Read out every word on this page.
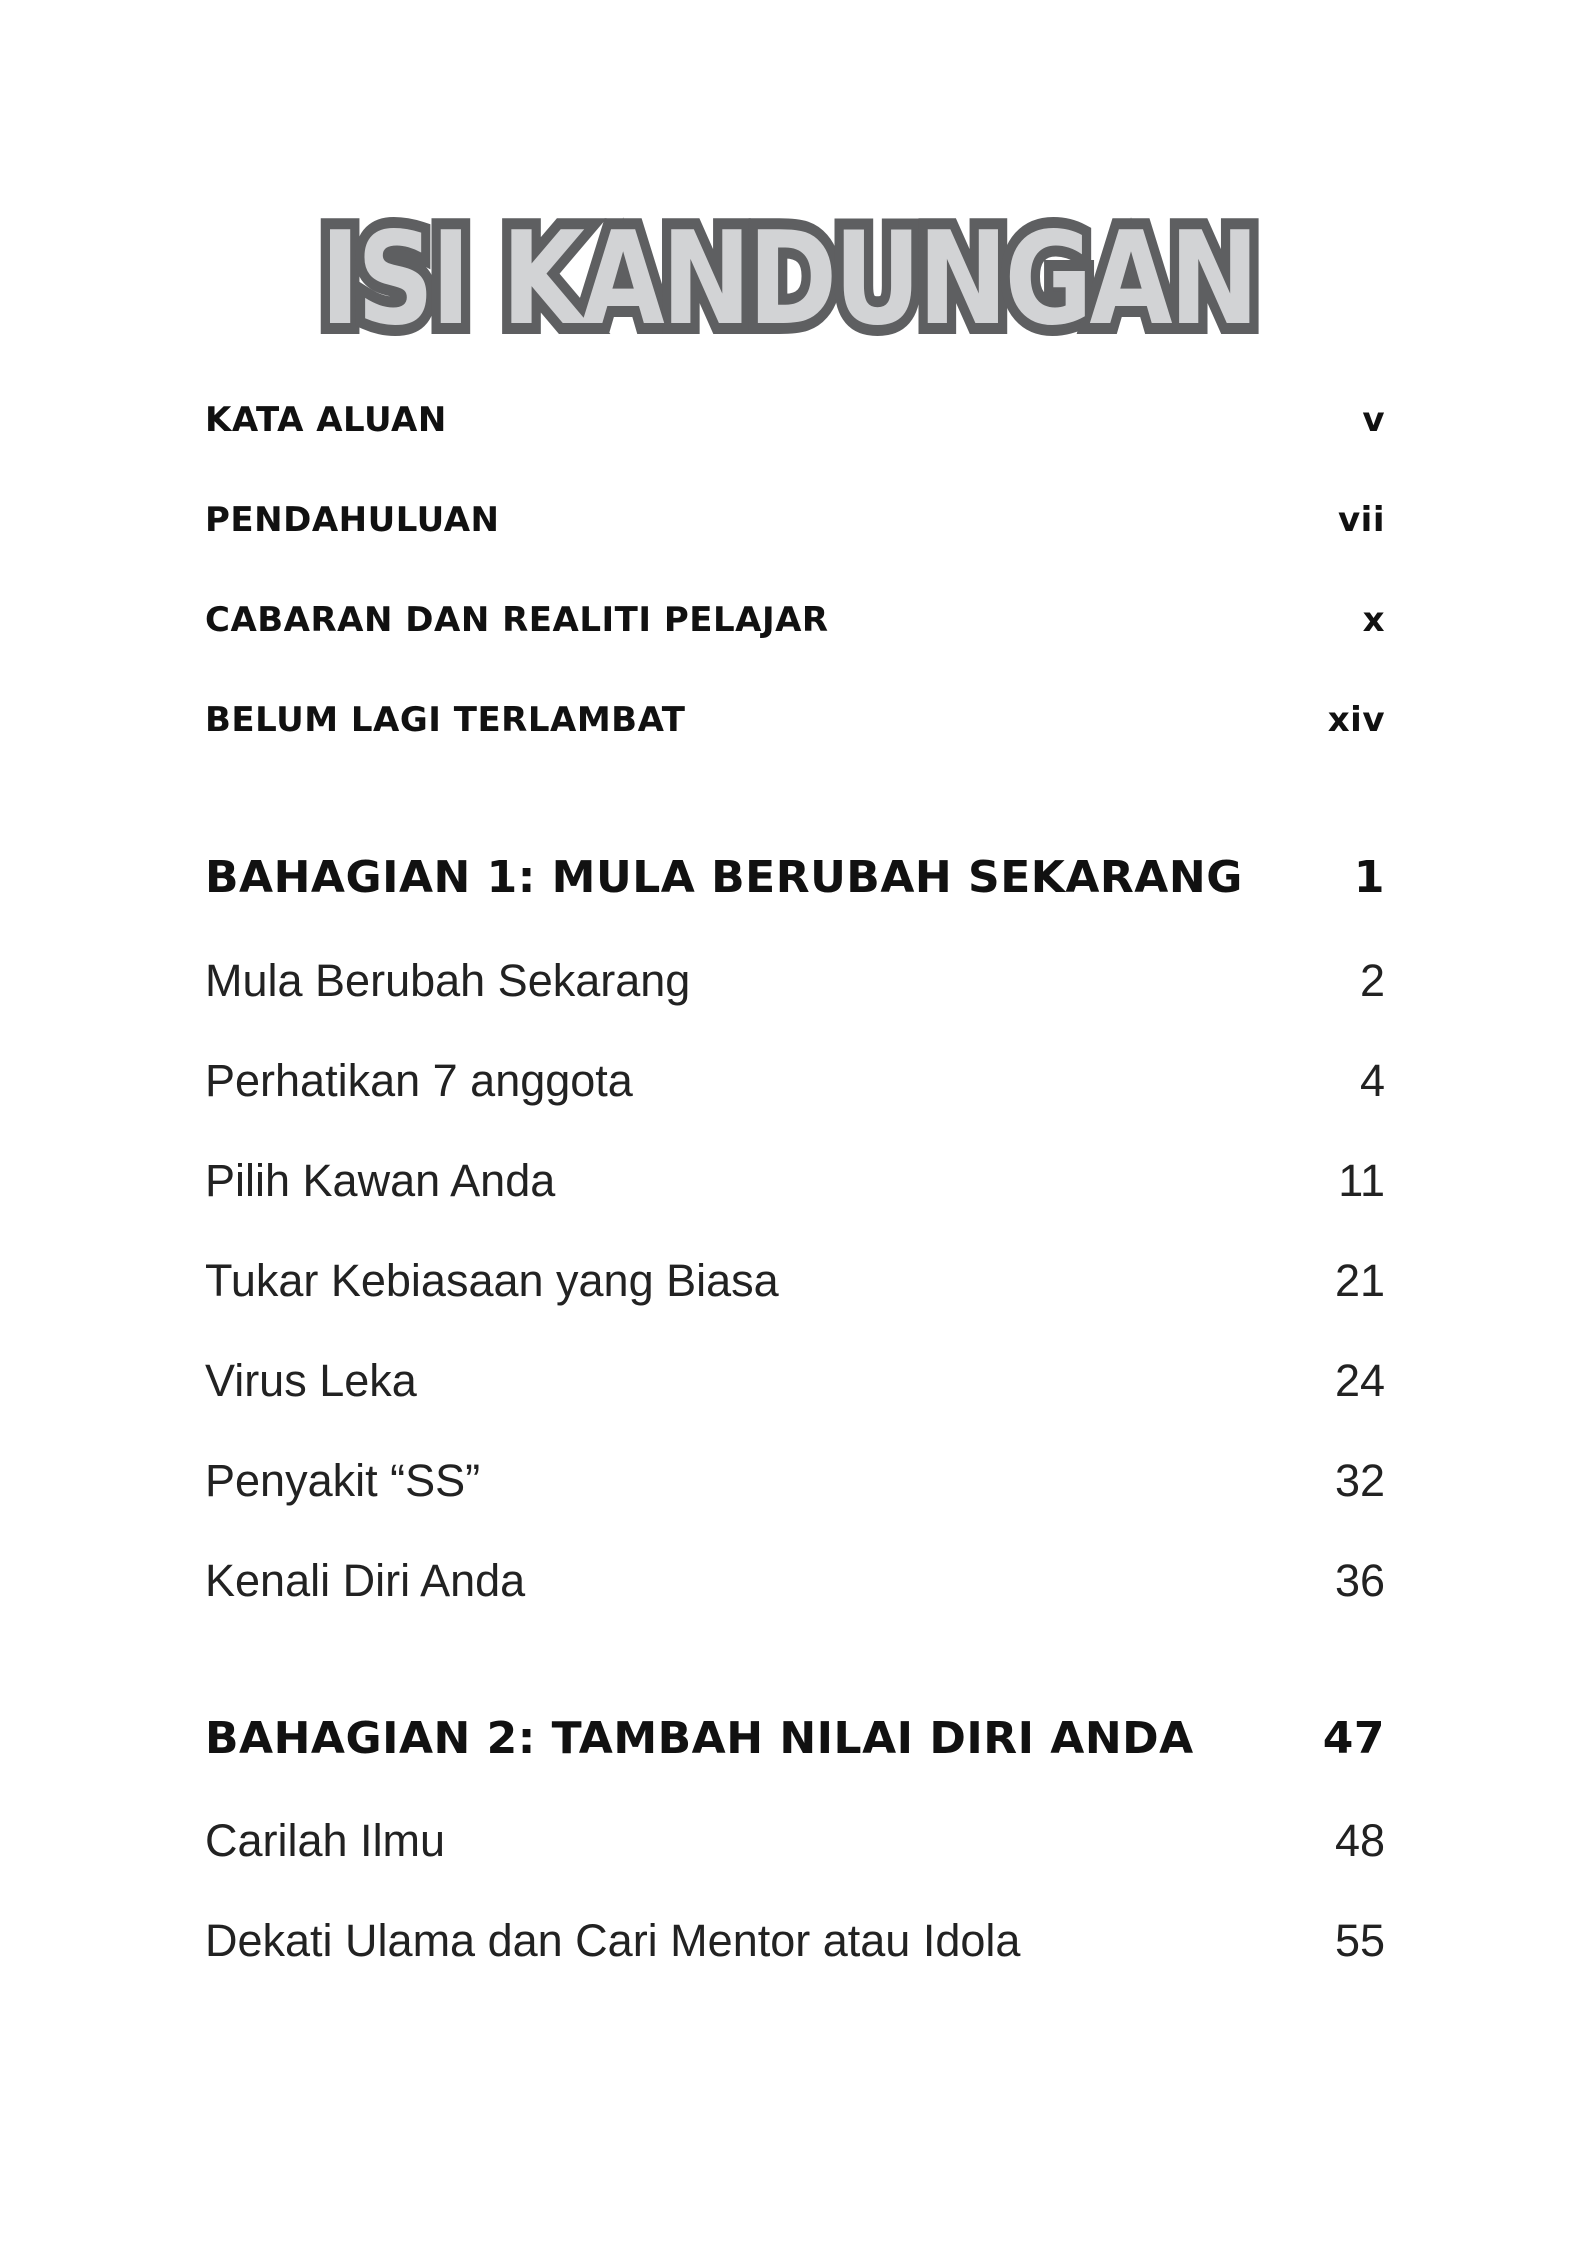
ISI KANDUNGAN
KATA ALUAN	v
PENDAHULUAN	vii
CABARAN DAN REALITI PELAJAR	x
BELUM LAGI TERLAMBAT	xiv
BAHAGIAN 1: MULA BERUBAH SEKARANG	1
Mula Berubah Sekarang	2
Perhatikan 7 anggota	4
Pilih Kawan Anda	11
Tukar Kebiasaan yang Biasa	21
Virus Leka	24
Penyakit “SS”	32
Kenali Diri Anda	36
BAHAGIAN 2: TAMBAH NILAI DIRI ANDA	47
Carilah Ilmu	48
Dekati Ulama dan Cari Mentor atau Idola	55
